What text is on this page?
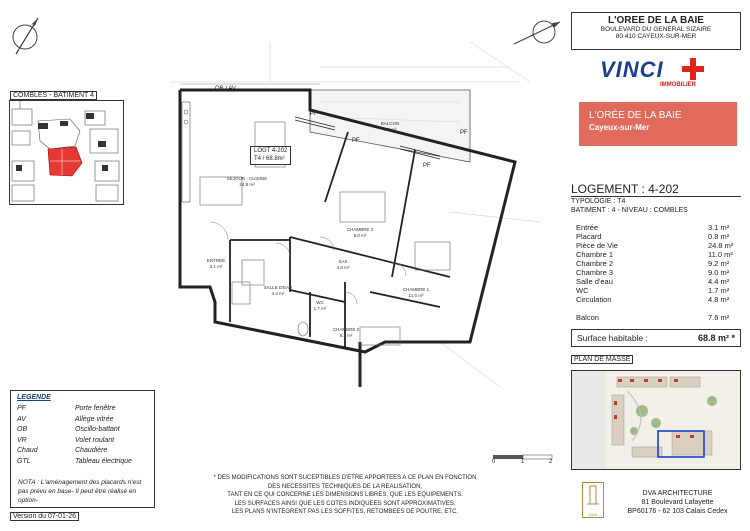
COMBLES - BATIMENT 4
LEGENDE
PF	Porte fenêtre
AV	Allège vitrée
OB	Oscillo-battant
VR	Volet roulant
Chaud	Chaudière
GTL	Tableau électrique
NOTA : L'aménagement des placards n'est pas prévu en base- Il peut être réalisé en option-
Version du 07-01-26
OB / AV
PF
PF
PF
PF
LOGT 4-202
T4 / 68.8m²
BALCON
7.6 m²
SEJOUR - CUISINE
24.8 m²
CHAMBRE 3
9.0 m²
ENTREE
3.1 m²
SAS
4.8 m²
SALLE D'EAU
4.4 m²
WC
1.7 m²
CHAMBRE 1
11.0 m²
CHAMBRE 2
9.2 m²
L'OREE DE LA BAIE
BOULEVARD DU GENERAL SIZAIRE
80 410 CAYEUX-SUR-MER
VINCI
IMMOBILIER
L'ORÉE DE LA BAIE
Cayeux-sur-Mer
LOGEMENT : 4-202
TYPOLOGIE : T4
BATIMENT : 4 - NIVEAU : COMBLES
Entrée	3.1 m²
Placard	0.8 m²
Pièce de Vie	24.8 m²
Chambre 1	11.0 m²
Chambre 2	9.2 m²
Chambre 3	9.0 m²
Salle d'eau	4.4 m²
WC	1.7 m²
Circulation	4.8 m²
Balcon	7.6 m²
Surface habitable :	68.8 m² *
PLAN DE MASSE
0	1	2
* DES MODIFICATIONS SONT SUCEPTIBLES D'ETRE APPORTEES A CE PLAN EN FONCTION
DES NECESSITES TECHNIQUES DE LA REALISATION,
TANT EN CE QUI CONCERNE LES DIMENSIONS LIBRES, QUE LES EQUIPEMENTS.
LES SURFACES AINSI QUE LES COTES INDIQUEES SONT APPROXIMATIVES.
LES PLANS N'INTEGRENT PAS LES SOFFITES, RETOMBEES DE POUTRE, ETC.	DVA
DVA ARCHITECTURE
81 Boulevard Lafayette
BP60176 - 62 103 Calais Cedex
